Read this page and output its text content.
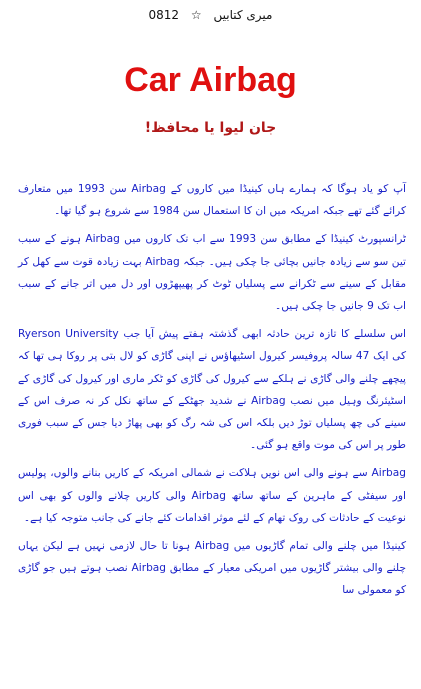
میری کتابیں ☆ 0812
Car Airbag
جان لیوا یا محافظ!

آپ کو یاد ہوگا کہ ہمارے ہاں کینیڈا میں کاروں کے Airbag سن 1993 میں متعارف کرائے گئے تھے جبکہ امریکہ میں ان کا استعمال سن 1984 سے شروع ہو گیا تھا۔

ٹرانسپورٹ کینیڈا کے مطابق سن 1993 سے اب تک کاروں میں Airbag ہونے کے سبب تین سو سے زیادہ جانیں بچائی جا چکی ہیں۔ جبکہ Airbag بہت زیادہ قوت سے کھل کر مقابل کے سینے سے ٹکرانے سے پسلیاں ٹوٹ کر پھیپھڑوں اور دل میں اتر جانے کے سبب اب تک 9 جانیں جا چکی ہیں۔

اس سلسلے کا تازہ ترین حادثہ ابھی گذشتہ ہفتے پیش آیا جب Ryerson University کی ایک 47 سالہ پروفیسر کیرول اسٹیھاؤس نے اپنی گاڑی کو لال بتی پر روکا ہی تھا کہ پیچھے چلنے والی گاڑی نے ہلکے سے کیرول کی گاڑی کو ٹکر ماری اور کیرول کی گاڑی کے اسٹیئرنگ وہیل میں نصب Airbag نے شدید جھٹکے کے ساتھ نکل کر نہ صرف اس کے سینے کی چھ پسلیاں توڑ دیں بلکہ اس کی شہ رگ کو بھی پھاڑ دیا جس کے سبب فوری طور پر اس کی موت واقع ہو گئی۔

Airbag سے ہونے والی اس نویں ہلاکت نے شمالی امریکہ کے کاریں بنانے والوں، پولیس اور سیفٹی کے ماہرین کے ساتھ ساتھ Airbag والی کاریں چلانے والوں کو بھی اس نوعیت کے حادثات کی روک تھام کے لئے موثر اقدامات کئے جانے کی جانب متوجہ کیا ہے۔

کینیڈا میں چلنے والی تمام گاڑیوں میں Airbag ہونا تا حال لازمی نہیں ہے لیکن یہاں چلنے والی بیشتر گاڑیوں میں امریکی معیار کے مطابق Airbag نصب ہوتے ہیں جو گاڑی کو معمولی سا
